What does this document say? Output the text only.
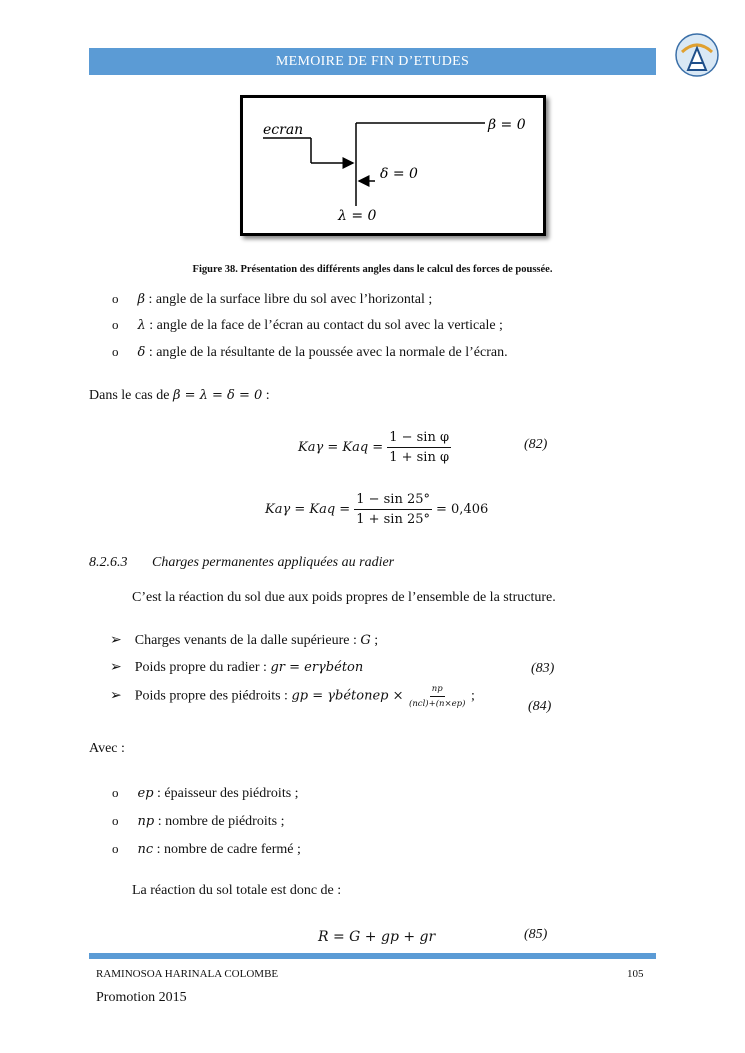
MEMOIRE DE FIN D’ETUDES
ecran	β = 0
δ = 0
λ = 0
Figure 38. Présentation des différents angles dans le calcul des forces de poussée.
o β : angle de la surface libre du sol avec l’horizontal ;
o λ : angle de la face de l’écran au contact du sol avec la verticale ;
o δ : angle de la résultante de la poussée avec la normale de l’écran.
Dans le cas de β = λ = δ = 0 :
Kaγ = Kaq = $\frac{\text{1 − sin φ}}{\text{1 + sin φ}}$	(82)
Kaγ = Kaq = $\frac{1 - \sin 25^\circ}{1 + \sin 25^\circ} = 0,406$
8.2.6.3 Charges permanentes appliquées au radier
C’est la réaction du sol due aux poids propres de l’ensemble de la structure.
➢ Charges venants de la dalle supérieure : G ;
➢ Poids propre du radier : gr = erγbéton	(83)
➢ Poids propre des piédroits : gp = γbétonep × $\frac{np}{\text{(ncl)+(n×ep)}}$ ;
(84)
Avec :
o ep : épaisseur des piédroits ;
o np : nombre de piédroits ;
o nc : nombre de cadre fermé ;
La réaction du sol totale est donc de :
R = G + gp + gr	(85)
RAMINOSOA HARINALA COLOMBE	105
Promotion 2015
